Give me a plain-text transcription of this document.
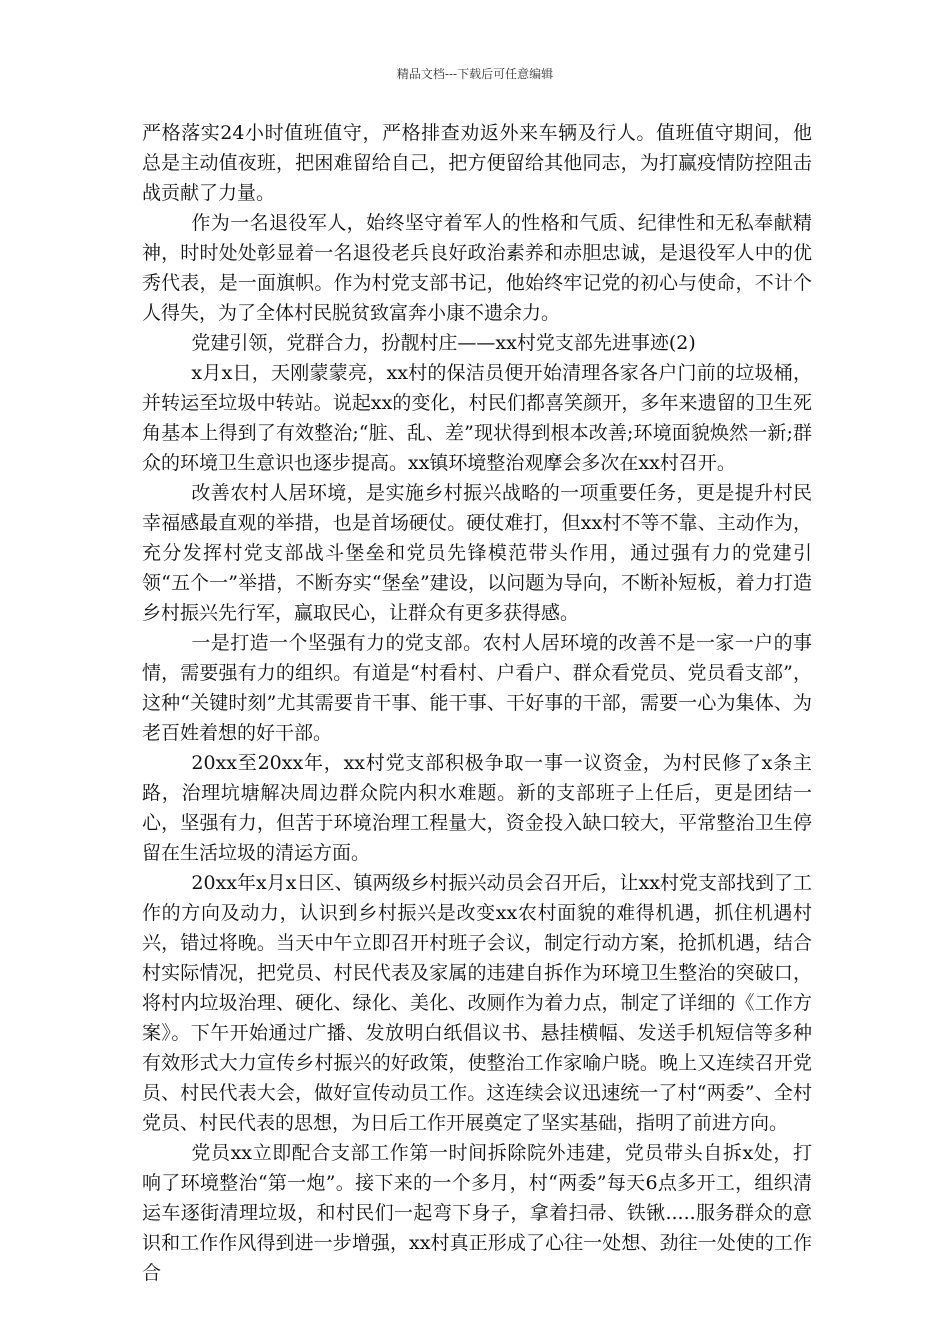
精品文档---下载后可任意编辑

严格落实24小时值班值守，严格排查劝返外来车辆及行人。值班值守期间，他总是主动值夜班，把困难留给自己，把方便留给其他同志，为打赢疫情防控阻击战贡献了力量。

作为一名退役军人，始终坚守着军人的性格和气质、纪律性和无私奉献精神，时时处处彰显着一名退役老兵良好政治素养和赤胆忠诚，是退役军人中的优秀代表，是一面旗帜。作为村党支部书记，他始终牢记党的初心与使命，不计个人得失，为了全体村民脱贫致富奔小康不遗余力。

党建引领，党群合力，扮靓村庄——xx村党支部先进事迹(2)

x月x日，天刚蒙蒙亮，xx村的保洁员便开始清理各家各户门前的垃圾桶，并转运至垃圾中转站。说起xx的变化，村民们都喜笑颜开，多年来遗留的卫生死角基本上得到了有效整治;“脏、乱、差”现状得到根本改善;环境面貌焕然一新;群众的环境卫生意识也逐步提高。xx镇环境整治观摩会多次在xx村召开。

改善农村人居环境，是实施乡村振兴战略的一项重要任务，更是提升村民幸福感最直观的举措，也是首场硬仗。硬仗难打，但xx村不等不靠、主动作为，充分发挥村党支部战斗堡垒和党员先锋模范带头作用，通过强有力的党建引领“五个一”举措，不断夯实“堡垒”建设，以问题为导向，不断补短板，着力打造乡村振兴先行军，赢取民心，让群众有更多获得感。

一是打造一个坚强有力的党支部。农村人居环境的改善不是一家一户的事情，需要强有力的组织。有道是“村看村、户看户、群众看党员、党员看支部”，这种“关键时刻”尤其需要肯干事、能干事、干好事的干部，需要一心为集体、为老百姓着想的好干部。

20xx至20xx年，xx村党支部积极争取一事一议资金，为村民修了x条主路，治理坑塘解决周边群众院内积水难题。新的支部班子上任后，更是团结一心，坚强有力，但苦于环境治理工程量大，资金投入缺口较大，平常整治卫生停留在生活垃圾的清运方面。

20xx年x月x日区、镇两级乡村振兴动员会召开后，让xx村党支部找到了工作的方向及动力，认识到乡村振兴是改变xx农村面貌的难得机遇，抓住机遇村兴，错过将晚。当天中午立即召开村班子会议，制定行动方案，抢抓机遇，结合村实际情况，把党员、村民代表及家属的违建自拆作为环境卫生整治的突破口，将村内垃圾治理、硬化、绿化、美化、改厕作为着力点，制定了详细的《工作方案》。下午开始通过广播、发放明白纸倡议书、悬挂横幅、发送手机短信等多种有效形式大力宣传乡村振兴的好政策，使整治工作家喻户晓。晚上又连续召开党员、村民代表大会，做好宣传动员工作。这连续会议迅速统一了村“两委”、全村党员、村民代表的思想，为日后工作开展奠定了坚实基础，指明了前进方向。

党员xx立即配合支部工作第一时间拆除院外违建，党员带头自拆x处，打响了环境整治“第一炮”。接下来的一个多月，村“两委”每天6点多开工，组织清运车逐街清理垃圾，和村民们一起弯下身子，拿着扫帚、铁锹.....服务群众的意识和工作作风得到进一步增强，xx村真正形成了心往一处想、劲往一处使的工作合
